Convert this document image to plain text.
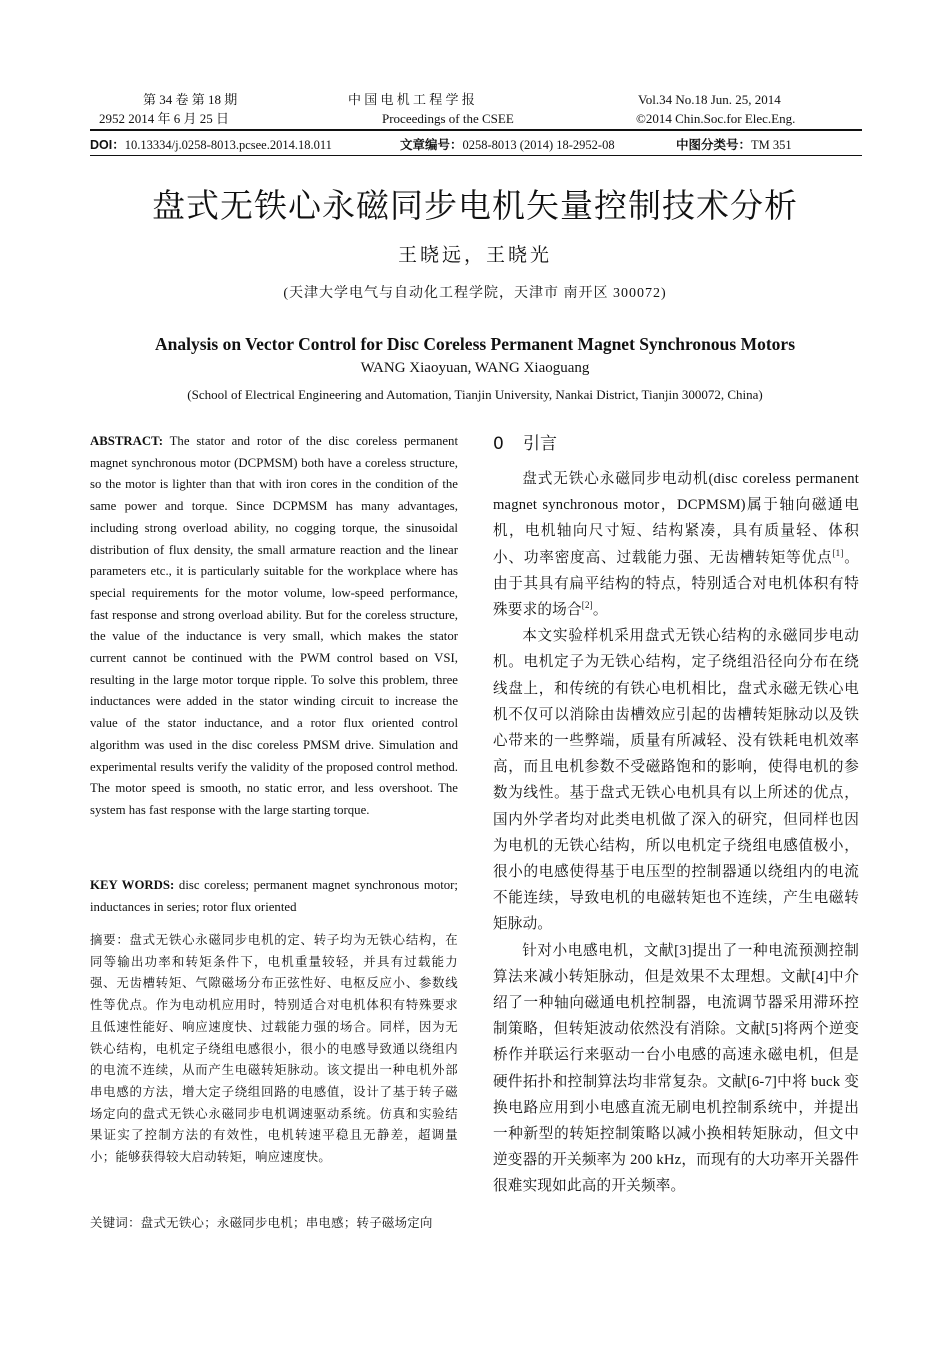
第 34 卷 第 18 期
2952 2014 年 6 月 25 日
中 国 电 机 工 程 学 报
Proceedings of the CSEE
Vol.34 No.18 Jun. 25, 2014
©2014 Chin.Soc.for Elec.Eng.
DOI：10.13334/j.0258-8013.pcsee.2014.18.011	文章编号：0258-8013 (2014) 18-2952-08	中图分类号：TM 351
盘式无铁心永磁同步电机矢量控制技术分析
王晓远，王晓光
(天津大学电气与自动化工程学院，天津市 南开区 300072)
Analysis on Vector Control for Disc Coreless Permanent Magnet Synchronous Motors
WANG Xiaoyuan, WANG Xiaoguang
(School of Electrical Engineering and Automation, Tianjin University, Nankai District, Tianjin 300072, China)
ABSTRACT: The stator and rotor of the disc coreless permanent magnet synchronous motor (DCPMSM) both have a coreless structure, so the motor is lighter than that with iron cores in the condition of the same power and torque. Since DCPMSM has many advantages, including strong overload ability, no cogging torque, the sinusoidal distribution of flux density, the small armature reaction and the linear parameters etc., it is particularly suitable for the workplace where has special requirements for the motor volume, low-speed performance, fast response and strong overload ability. But for the coreless structure, the value of the inductance is very small, which makes the stator current cannot be continued with the PWM control based on VSI, resulting in the large motor torque ripple. To solve this problem, three inductances were added in the stator winding circuit to increase the value of the stator inductance, and a rotor flux oriented control algorithm was used in the disc coreless PMSM drive. Simulation and experimental results verify the validity of the proposed control method. The motor speed is smooth, no static error, and less overshoot. The system has fast response with the large starting torque.
KEY WORDS: disc coreless; permanent magnet synchronous motor; inductances in series; rotor flux oriented
摘要：盘式无铁心永磁同步电机的定、转子均为无铁心结构，在同等输出功率和转矩条件下，电机重量较轻，并具有过载能力强、无齿槽转矩、气隙磁场分布正弦性好、电枢反应小、参数线性等优点。作为电动机应用时，特别适合对电机体积有特殊要求且低速性能好、响应速度快、过载能力强的场合。同样，因为无铁心结构，电机定子绕组电感很小，很小的电感导致通以绕组内的电流不连续，从而产生电磁转矩脉动。该文提出一种电机外部串电感的方法，增大定子绕组回路的电感值，设计了基于转子磁场定向的盘式无铁心永磁同步电机调速驱动系统。仿真和实验结果证实了控制方法的有效性，电机转速平稳且无静差，超调量小；能够获得较大启动转矩，响应速度快。
关键词：盘式无铁心；永磁同步电机；串电感；转子磁场定向
0 引言

盘式无铁心永磁同步电动机(disc coreless permanent magnet synchronous motor，DCPMSM)属于轴向磁通电机，电机轴向尺寸短、结构紧凑，具有质量轻、体积小、功率密度高、过载能力强、无齿槽转矩等优点[1]。由于其具有扁平结构的特点，特别适合对电机体积有特殊要求的场合[2]。

本文实验样机采用盘式无铁心结构的永磁同步电动机。电机定子为无铁心结构，定子绕组沿径向分布在绕线盘上，和传统的有铁心电机相比，盘式永磁无铁心电机不仅可以消除由齿槽效应引起的齿槽转矩脉动以及铁心带来的一些弊端，质量有所减轻、没有铁耗电机效率高，而且电机参数不受磁路饱和的影响，使得电机的参数为线性。基于盘式无铁心电机具有以上所述的优点，国内外学者均对此类电机做了深入的研究，但同样也因为电机的无铁心结构，所以电机定子绕组电感值极小，很小的电感使得基于电压型的控制器通以绕组内的电流不能连续，导致电机的电磁转矩也不连续，产生电磁转矩脉动。

针对小电感电机，文献[3]提出了一种电流预测控制算法来减小转矩脉动，但是效果不太理想。文献[4]中介绍了一种轴向磁通电机控制器，电流调节器采用滞环控制策略，但转矩波动依然没有消除。文献[5]将两个逆变桥作并联运行来驱动一台小电感的高速永磁电机，但是硬件拓扑和控制算法均非常复杂。文献[6-7]中将 buck 变换电路应用到小电感直流无刷电机控制系统中，并提出一种新型的转矩控制策略以减小换相转矩脉动，但文中逆变器的开关频率为 200 kHz，而现有的大功率开关器件很难实现如此高的开关频率。
